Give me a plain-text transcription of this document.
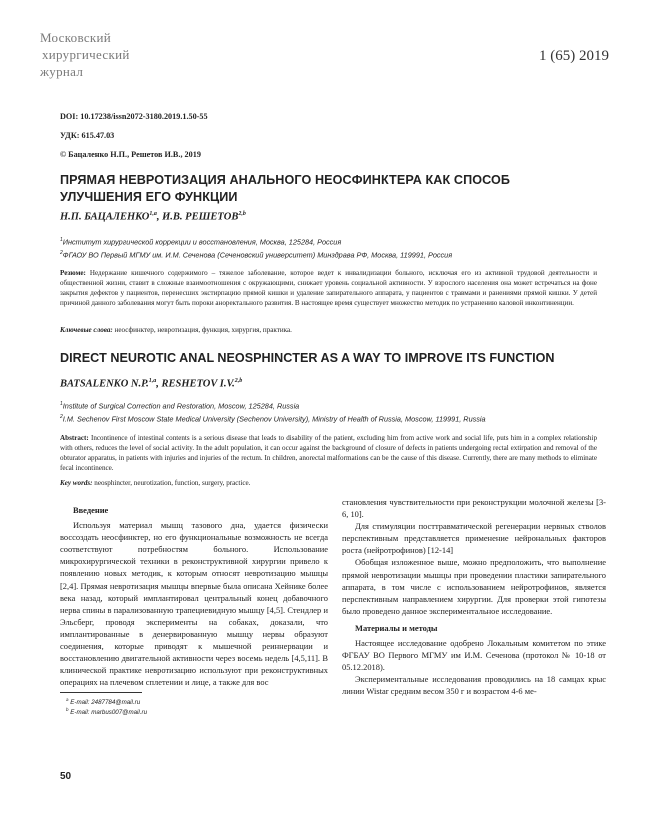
Московский
хирургический
журнал
1 (65) 2019
DOI: 10.17238/issn2072-3180.2019.1.50-55
УДК: 615.47.03
© Бацаленко Н.П., Решетов И.В., 2019
ПРЯМАЯ НЕВРОТИЗАЦИЯ АНАЛЬНОГО НЕОСФИНКТЕРА КАК СПОСОБ
УЛУЧШЕНИЯ ЕГО ФУНКЦИИ
Н.П. БАЦАЛЕНКО$^{1,a}$, И.В. РЕШЕТОВ$^{2,b}$
$^1$Институт хирургической коррекции и восстановления, Москва, 125284, Россия
$^2$ФГАОУ ВО Первый МГМУ им. И.М. Сеченова (Сеченовский университет) Минздрава РФ, Москва, 119991, Россия
Резюме: Недержание кишечного содержимого – тяжелое заболевание, которое ведет к инвалидизации больного, исключая его из активной трудовой деятельности и общественной жизни, ставит в сложные взаимоотношения с окружающими, снижает уровень социальной активности. У взрослого населения она может встречаться на фоне закрытия дефектов у пациентов, перенесших экстирпацию прямой кишки и удаление запирательного аппарата, у пациентов с травмами и ранениями прямой кишки. У детей причиной данного заболевания могут быть пороки аноректального развития. В настоящее время существует множество методик по устранению каловой инконтиненции.
Ключевые слова: неосфинктер, невротизация, функция, хирургия, практика.
DIRECT NEUROTIC ANAL NEOSPHINCTER AS A WAY TO IMPROVE ITS FUNCTION
BATSALENKO N.P.$^{1,a}$, RESHETOV I.V.$^{2,b}$
$^1$Institute of Surgical Correction and Restoration, Moscow, 125284, Russia
$^2$I.M. Sechenov First Moscow State Medical University (Sechenov University), Ministry of Health of Russia, Moscow, 119991, Russia
Abstract: Incontinence of intestinal contents is a serious disease that leads to disability of the patient, excluding him from active work and social life, puts him in a complex relationship with others, reduces the level of social activity. In the adult population, it can occur against the background of closure of defects in patients undergoing rectal extirpation and removal of the obturator apparatus, in patients with injuries and injuries of the rectum. In children, anorectal malformations can be the cause of this disease. Currently, there are many methods to eliminate fecal incontinence.
Key words: neosphincter, neurotization, function, surgery, practice.
Введение

Используя материал мышц тазового дна, удается физически воссоздать неосфинктер, но его функциональные возможность не всегда соответствуют потребностям больного. Использование микрохирургической техники в реконструктивной хирургии привело к появлению новых методик, к которым относят невротизацию мышцы [2,4]. Прямая невротизация мышцы впервые была описана Хейнике более века назад, который имплантировал центральный конец добавочного нерва спины в парализованную трапециевидную мышцу [4,5]. Стендлер и Эльсберг, проводя эксперименты на собаках, доказали, что имплантированные в денервированную мышцу нервы образуют соединения, которые приводят к мышечной реиннервации и восстановлению двигательной активности через восемь недель [4,5,11]. В клинической практике невротизацию используют при реконструктивных операциях на плечевом сплетении и лице, а также для вос

становления чувствительности при реконструкции молочной железы [3-6, 10].

Для стимуляции посттравматической регенерации нервных стволов перспективным представляется применение нейрональных факторов роста (нейротрофинов) [12-14]

Обобщая изложенное выше, можно предположить, что выполнение прямой невротизации мышцы при проведении пластики запирательного аппарата, в том числе с использованием нейротрофинов, является перспективным направлением хирургии. Для проверки этой гипотезы было проведено данное экспериментальное исследование.

Материалы и методы

Настоящее исследование одобрено Локальным комитетом по этике ФГБАУ ВО Первого МГМУ им И.М. Сеченова (протокол № 10-18 от 05.12.2018).

Экспериментальные исследования проводились на 18 самцах крыс линии Wistar средним весом 350 г и возрастом 4-6 ме-

$^a$ E-mail: 2487784@mail.ru
$^b$ E-mail: marbus007@mail.ru
50
